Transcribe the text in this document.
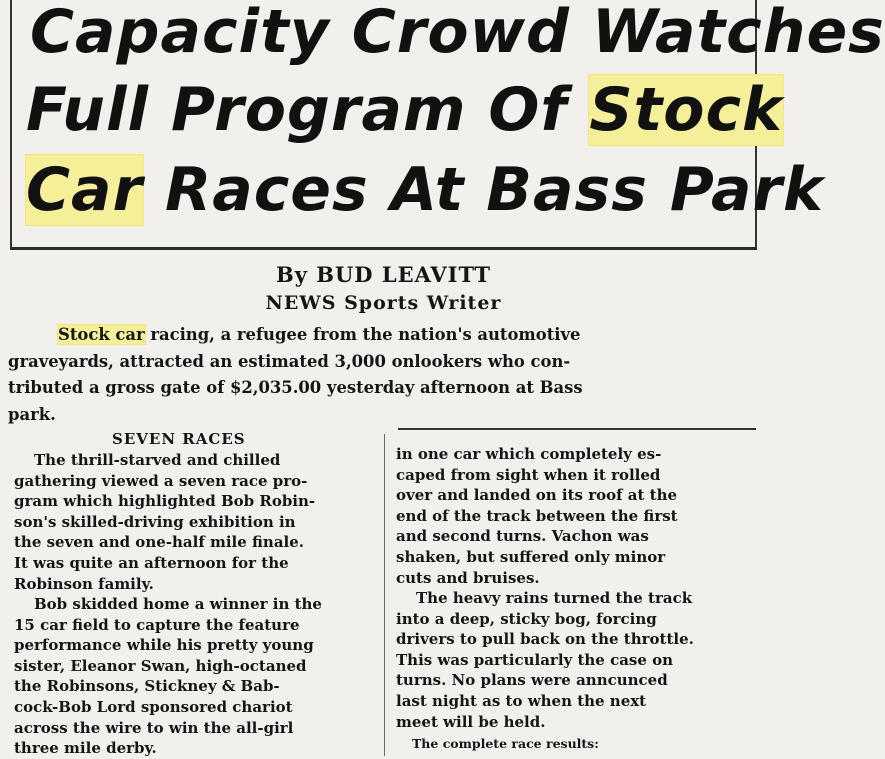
Capacity Crowd Watches
Full Program Of Stock
Car Races At Bass Park
By BUD LEAVITT
NEWS Sports Writer
Stock car racing, a refugee from the nation's automotive
graveyards, attracted an estimated 3,000 onlookers who con-
tributed a gross gate of $2,035.00 yesterday afternoon at Bass
park.
SEVEN RACES
The thrill-starved and chilled
gathering viewed a seven race pro-
gram which highlighted Bob Robin-
son's skilled-driving exhibition in
the seven and one-half mile finale.
It was quite an afternoon for the
Robinson family.
Bob skidded home a winner in the
15 car field to capture the feature
performance while his pretty young
sister, Eleanor Swan, high-octaned
the Robinsons, Stickney & Bab-
cock-Bob Lord sponsored chariot
across the wire to win the all-girl
three mile derby.
in one car which completely es-
caped from sight when it rolled
over and landed on its roof at the
end of the track between the first
and second turns. Vachon was
shaken, but suffered only minor
cuts and bruises.
The heavy rains turned the track
into a deep, sticky bog, forcing
drivers to pull back on the throttle.
This was particularly the case on
turns. No plans were anncunced
last night as to when the next
meet will be held.
The complete race results:
